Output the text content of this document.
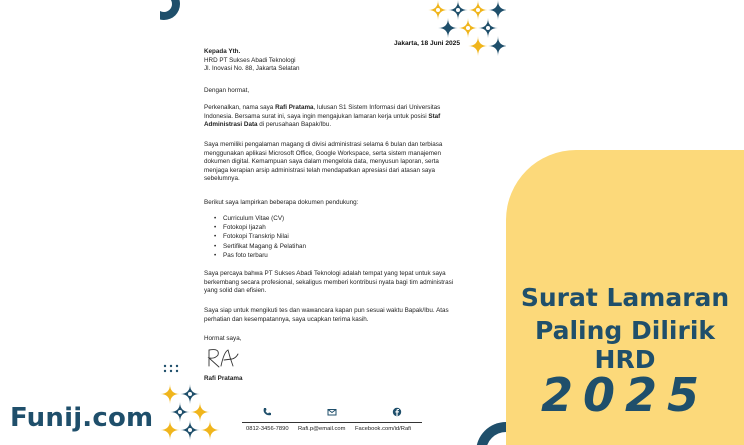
Surat Lamaran
Paling Dilirik HRD
2025
Funij.com
Jakarta, 18 Juni 2025
Kepada Yth.
HRD PT Sukses Abadi Teknologi
Jl. Inovasi No. 88, Jakarta Selatan
Dengan hormat,
Perkenalkan, nama saya Rafi Pratama, lulusan S1 Sistem Informasi dari Universitas Indonesia. Bersama surat ini, saya ingin mengajukan lamaran kerja untuk posisi Staf Administrasi Data di perusahaan Bapak/Ibu.
Saya memiliki pengalaman magang di divisi administrasi selama 6 bulan dan terbiasa menggunakan aplikasi Microsoft Office, Google Workspace, serta sistem manajemen dokumen digital. Kemampuan saya dalam mengelola data, menyusun laporan, serta menjaga kerapian arsip administrasi telah mendapatkan apresiasi dari atasan saya sebelumnya.
Berikut saya lampirkan beberapa dokumen pendukung:
• Curriculum Vitae (CV)
• Fotokopi Ijazah
• Fotokopi Transkrip Nilai
• Sertifikat Magang & Pelatihan
• Pas foto terbaru
Saya percaya bahwa PT Sukses Abadi Teknologi adalah tempat yang tepat untuk saya berkembang secara profesional, sekaligus memberi kontribusi nyata bagi tim administrasi yang solid dan efisien.
Saya siap untuk mengikuti tes dan wawancara kapan pun sesuai waktu Bapak/Ibu. Atas perhatian dan kesempatannya, saya ucapkan terima kasih.
Hormat saya,
Rafi Pratama
0812-3456-7890 Rafi.p@email.com Facebook.com/id/Rafi
